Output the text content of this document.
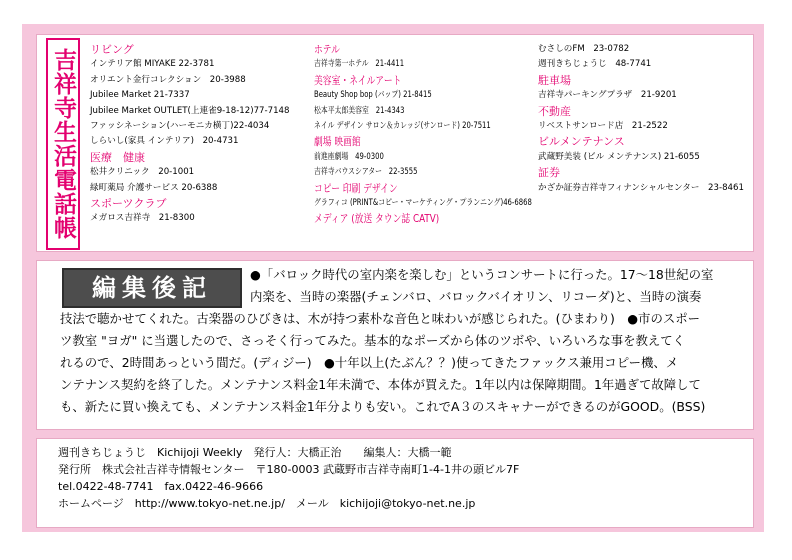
吉祥寺生活電話帳	リビング
インテリア館 MIYAKE 22-3781
オリエント金行コレクション　20-3988
Jubilee Market 21-7337
Jubilee Market OUTLET(上連雀9-18-12)77-7148
ファッシネーション(ハーモニカ横丁)22-4034
しらいし(家具 インテリア)　20-4731
医療　健康
松井クリニック　20-1001
緑町薬局 介護サービス 20-6388
スポーツクラブ
メガロス吉祥寺　21-8300
ホテル
吉祥寺第一ホテル　21-4411
美容室・ネイルアート
Beauty Shop bop (バップ) 21-8415
松本平太郎美容室　21-4343
ネイル デザイン サロン＆カレッジ(サンロード) 20-7511
劇場 映画館
前進座劇場　49-0300
吉祥寺バウスシアター　22-3555
コピー 印刷 デザイン
グラフィコ (PRINT&コピー・マーケティング・プランニング)46-6868
メディア (放送 タウン誌 CATV)
むさしのFM　23-0782
週刊きちじょうじ　48-7741
駐車場
吉祥寺パーキングプラザ　21-9201
不動産
リベストサンロード店　21-2522
ビルメンテナンス
武蔵野美装 (ビル メンテナンス) 21-6055
証券
かざか証券吉祥寺フィナンシャルセンター　23-8461
●「バロック時代の室内楽を楽しむ」というコンサートに行った。17〜18世紀の室
内楽を、当時の楽器(チェンバロ、バロックバイオリン、リコーダ)と、当時の演奏
技法で聴かせてくれた。古楽器のひびきは、木が持つ素朴な音色と味わいが感じられた。(ひまわり)　●市のスポー
ツ教室 "ヨガ" に当選したので、さっそく行ってみた。基本的なポーズから体のツボや、いろいろな事を教えてく
れるので、2時間あっという間だ。(ディジー)　●十年以上(たぶん？？)使ってきたファックス兼用コピー機、メ
ンテナンス契約を終了した。メンテナンス料金1年未満で、本体が買えた。1年以内は保障期間。1年過ぎて故障して
も、新たに買い換えても、メンテナンス料金1年分よりも安い。これでA３のスキャナーができるのがGOOD。(BSS)
編集後記
週刊きちじょうじ　Kichijoji Weekly　発行人：大橋正治　　編集人：大橋一範
発行所　株式会社吉祥寺情報センター　〒180-0003 武蔵野市吉祥寺南町1-4-1井の頭ビル7F
tel.0422-48-7741　fax.0422-46-9666
ホームページ　http://www.tokyo-net.ne.jp/　メール　kichijoji@tokyo-net.ne.jp
